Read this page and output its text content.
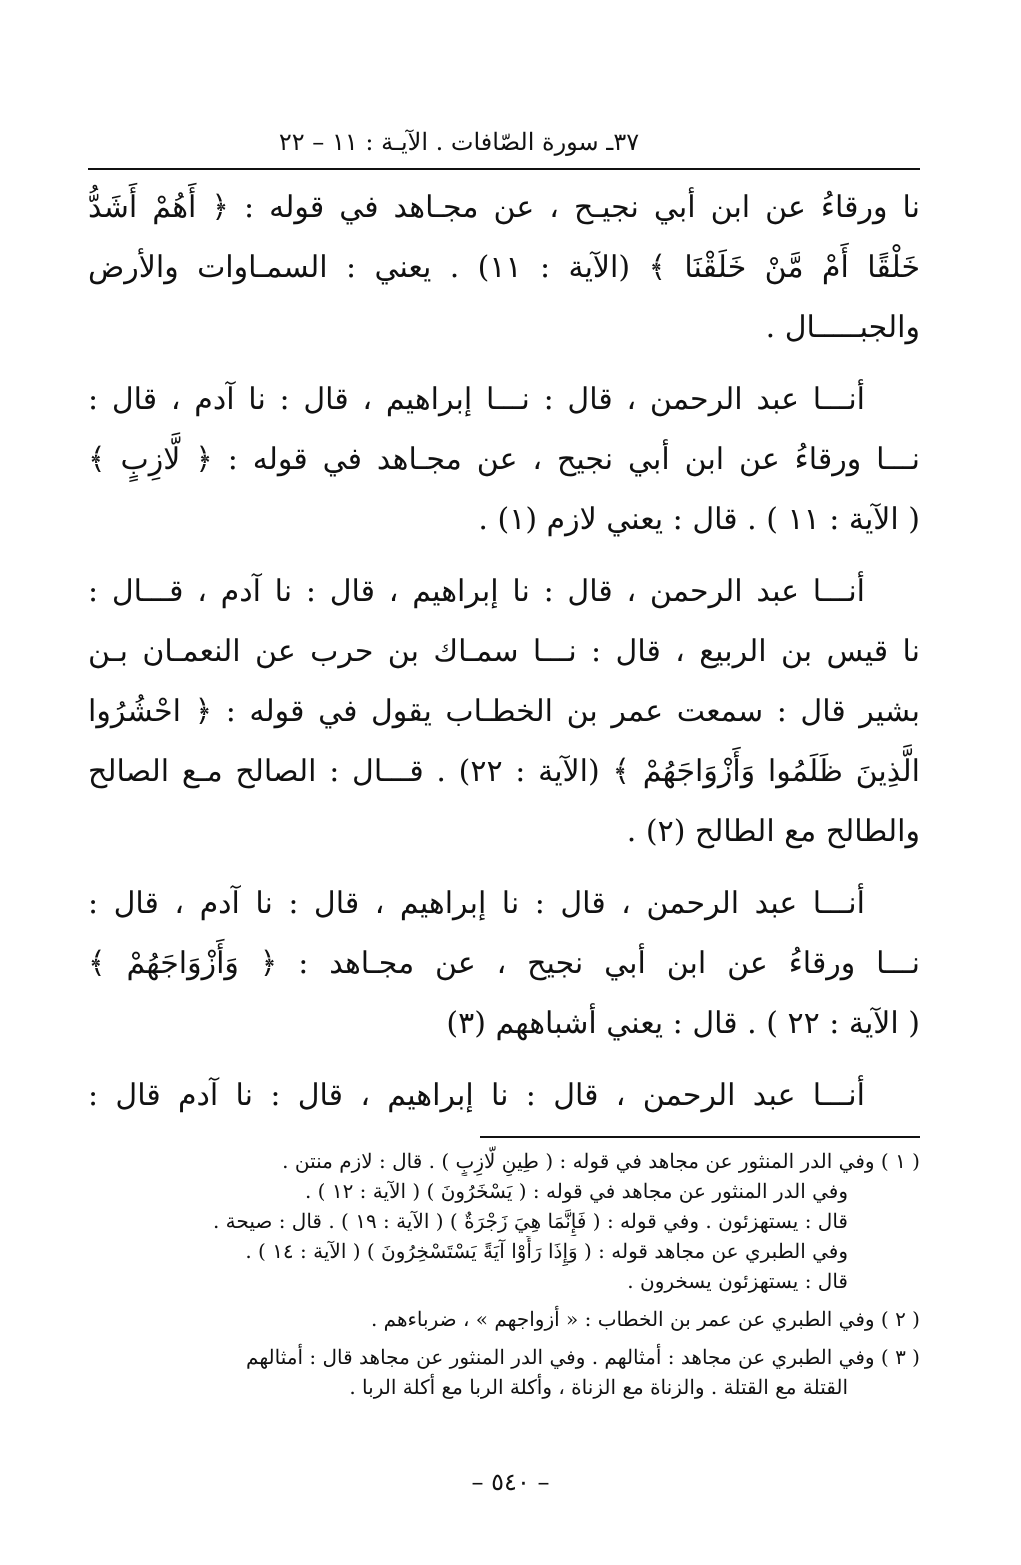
٣٧ـ سورة الصّافات . الآيـة : ١١ – ٢٢
نا ورقاءُ عن ابن أبي نجيـح ، عن مجـاهد في قوله : ﴿ أَهُمْ أَشَدُّ
خَلْقًا أَمْ مَّنْ خَلَقْنَا ﴾ (الآية : ١١) . يعني : السمـاوات والأرض
والجبـــــال .
أنـــا عبد الرحمن ، قال : نـــا إبراهيم ، قال : نا آدم ، قال :
نـــا ورقاءُ عن ابن أبي نجيح ، عن مجـاهد في قوله : ﴿ لَّازِبٍ ﴾
( الآية : ١١ ) . قال : يعني لازم (١) .
أنـــا عبد الرحمن ، قال : نا إبراهيم ، قال : نا آدم ، قـــال :
نا قيس بن الربيع ، قال : نـــا سمـاك بن حرب عن النعمـان بـن
بشير قال : سمعت عمر بن الخطـاب يقول في قوله : ﴿ احْشُرُوا
الَّذِينَ ظَلَمُوا وَأَزْوَاجَهُمْ ﴾ (الآية : ٢٢) . قـــال : الصالح مـع الصالح
والطالح مع الطالح (٢) .
أنـــا عبد الرحمن ، قال : نا إبراهيم ، قال : نا آدم ، قال :
نـــا ورقاءُ عن ابن أبي نجيح ، عن مجـاهد : ﴿ وَأَزْوَاجَهُمْ ﴾
( الآية : ٢٢ ) . قال : يعني أشباههم (٣)
أنـــا عبد الرحمن ، قال : نا إبراهيم ، قال : نا آدم قال :
( ١ ) وفي الدر المنثور عن مجاهد في قوله : ( طِينٍ لَّازِبٍ ) . قال : لازم منتن .
وفي الدر المنثور عن مجاهد في قوله : ( يَسْخَرُونَ ) ( الآية : ١٢ ) .
قال : يستهزئون . وفي قوله : ( فَإِنَّمَا هِيَ زَجْرَةٌ ) ( الآية : ١٩ ) . قال : صيحة .
وفي الطبري عن مجاهد قوله : ( وَإِذَا رَأَوْا آيَةً يَسْتَسْخِرُونَ ) ( الآية : ١٤ ) .
قال : يستهزئون يسخرون .
( ٢ ) وفي الطبري عن عمر بن الخطاب : « أزواجهم » ، ضرباءهم .
( ٣ ) وفي الطبري عن مجاهد : أمثالهم . وفي الدر المنثور عن مجاهد قال : أمثالهم
القتلة مع القتلة . والزناة مع الزناة ، وأكلة الربا مع أكلة الربا .
– ٥٤٠ –
